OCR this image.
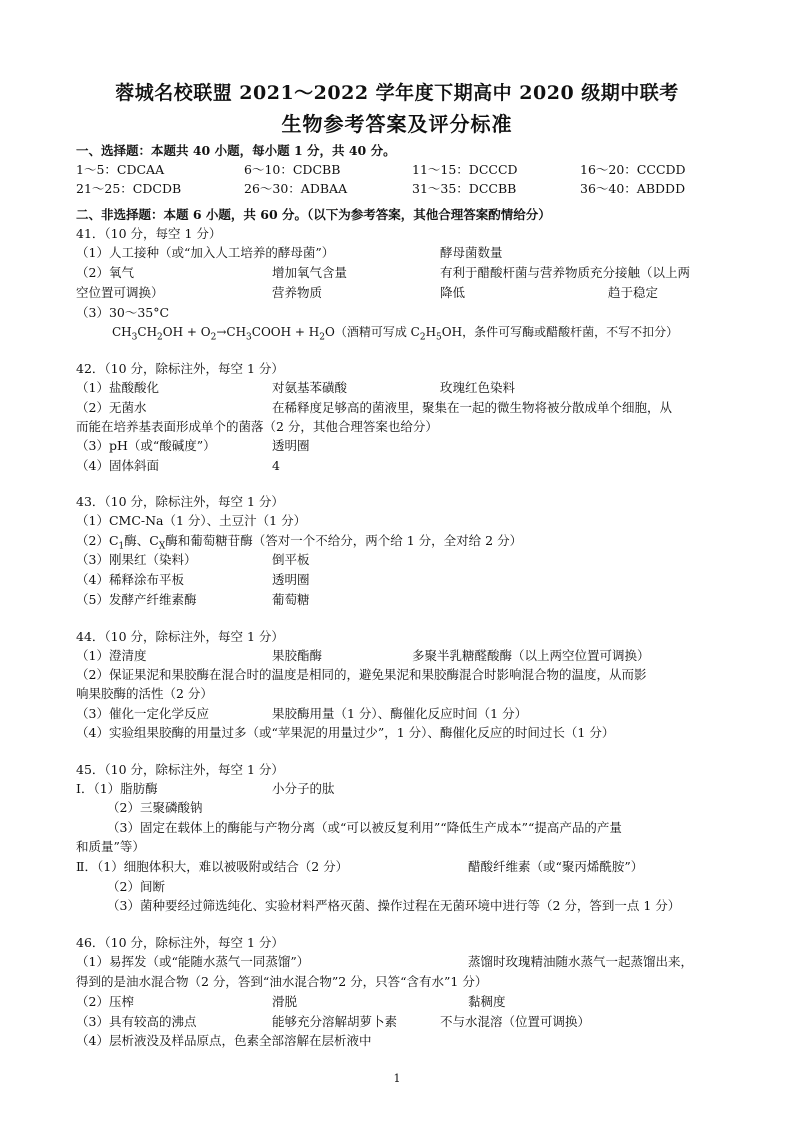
蓉城名校联盟 2021～2022 学年度下期高中 2020 级期中联考
生物参考答案及评分标准
一、选择题：本题共 40 小题，每小题 1 分，共 40 分。
1～5：CDCAA	6～10：CDCBB	11～15：DCCCD	16～20：CCCDD
21～25：CDCDB	26～30：ADBAA	31～35：DCCBB	36～40：ABDDD
二、非选择题：本题 6 小题，共 60 分。（以下为参考答案，其他合理答案酌情给分）
41．（10 分，每空 1 分）
（1）人工接种（或“加入人工培养的酵母菌”）	酵母菌数量
（2）氧气	增加氧气含量	有利于醋酸杆菌与营养物质充分接触（以上两
空位置可调换）	营养物质	降低	趋于稳定
（3）30～35°C
$CH_3CH_2OH$ + $O_2\to CH_3COOH + H_2O$（酒精可写成 $C_2H_5OH$，条件可写酶或醋酸杆菌，不写不扣分）
42．（10 分，除标注外，每空 1 分）
（1）盐酸酸化	对氨基苯磺酸	玫瑰红色染料
（2）无菌水	在稀释度足够高的菌液里，聚集在一起的微生物将被分散成单个细胞，从
而能在培养基表面形成单个的菌落（2 分，其他合理答案也给分）
（3）pH（或“酸碱度”）	透明圈
（4）固体斜面	4
43．（10 分，除标注外，每空 1 分）
（1）CMC-Na（1 分）、土豆汁（1 分）
$(2)C_1$酶、$C_X$酶和葡萄糖苷酶（答对一个不给分，两个给 1 分，全对给 2 分）
（3）刚果红（染料）	倒平板
（4）稀释涂布平板	透明圈
（5）发酵产纤维素酶	葡萄糖
44．（10 分，除标注外，每空 1 分）
（1）澄清度	果胶酯酶	多聚半乳糖醛酸酶（以上两空位置可调换）
（2）保证果泥和果胶酶在混合时的温度是相同的，避免果泥和果胶酶混合时影响混合物的温度，从而影
响果胶酶的活性（2 分）
（3）催化一定化学反应	果胶酶用量（1 分）、酶催化反应时间（1 分）
（4）实验组果胶酶的用量过多（或“苹果泥的用量过少”，1 分）、酶催化反应的时间过长（1 分）
45．（10 分，除标注外，每空 1 分）
Ⅰ．（1）脂肪酶	小分子的肽
（2）三聚磷酸钠
（3）固定在载体上的酶能与产物分离（或“可以被反复利用”“降低生产成本”“提高产品的产量
和质量”等）
Ⅱ．（1）细胞体积大，难以被吸附或结合（2 分）	醋酸纤维素（或“聚丙烯酰胺”）
（2）间断
（3）菌种要经过筛选纯化、实验材料严格灭菌、操作过程在无菌环境中进行等（2 分，答到一点 1 分）
46．（10 分，除标注外，每空 1 分）
（1）易挥发（或“能随水蒸气一同蒸馏”）	蒸馏时玫瑰精油随水蒸气一起蒸馏出来，
得到的是油水混合物（2 分，答到“油水混合物”2 分，只答“含有水”1 分）
（2）压榨	滑脱	黏稠度
（3）具有较高的沸点	能够充分溶解胡萝卜素	不与水混溶（位置可调换）
（4）层析液没及样品原点，色素全部溶解在层析液中
1
